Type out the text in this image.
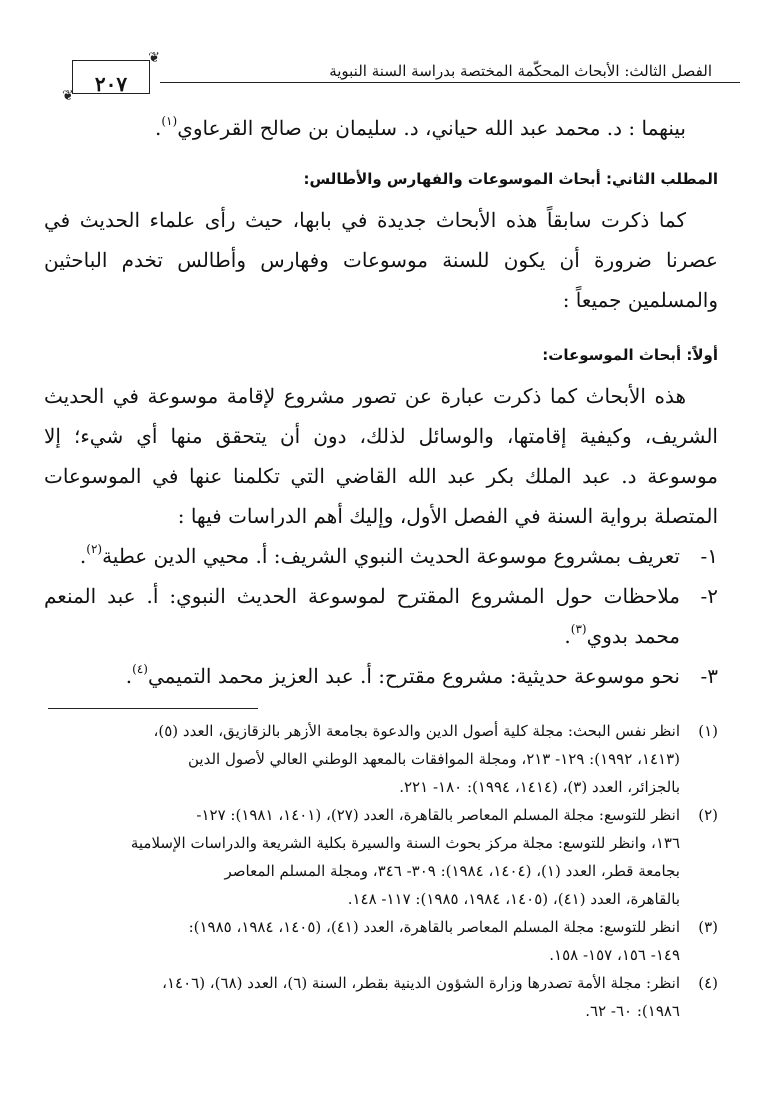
الفصل الثالث: الأبحاث المحكّمة المختصة بدراسة السنة النبوية
❦
❦	٢٠٧
بينهما : د. محمد عبد الله حياني، د. سليمان بن صالح القرعاوي$^{(١)}$.
المطلب الثاني: أبحاث الموسوعات والفهارس والأطالس:
كما ذكرت سابقاً هذه الأبحاث جديدة في بابها، حيث رأى علماء الحديث في
عصرنا ضرورة أن يكون للسنة موسوعات وفهارس وأطالس تخدم الباحثين
والمسلمين جميعاً :
أولاً: أبحاث الموسوعات:
هذه الأبحاث كما ذكرت عبارة عن تصور مشروع لإقامة موسوعة في الحديث
الشريف، وكيفية إقامتها، والوسائل لذلك، دون أن يتحقق منها أي شيء؛ إلا
موسوعة د. عبد الملك بكر عبد الله القاضي التي تكلمنا عنها في الموسوعات
المتصلة برواية السنة في الفصل الأول، وإليك أهم الدراسات فيها :
١-
تعريف بمشروع موسوعة الحديث النبوي الشريف: أ. محيي الدين عطية$^{(٢)}$.
٢-
ملاحظات حول المشروع المقترح لموسوعة الحديث النبوي: أ. عبد المنعم
محمد بدوي$^{(٣)}$.
٣-
نحو موسوعة حديثية: مشروع مقترح: أ. عبد العزيز محمد التميمي$^{(٤)}$.
(١)
انظر نفس البحث: مجلة كلية أصول الدين والدعوة بجامعة الأزهر بالزقازيق، العدد (٥)،
(١٤١٣، ١٩٩٢): ١٢٩- ٢١٣، ومجلة الموافقات بالمعهد الوطني العالي لأصول الدين
بالجزائر، العدد (٣)، (١٤١٤، ١٩٩٤): ١٨٠- ٢٢١.
(٢)
انظر للتوسع: مجلة المسلم المعاصر بالقاهرة، العدد (٢٧)، (١٤٠١، ١٩٨١): ١٢٧-
١٣٦، وانظر للتوسع: مجلة مركز بحوث السنة والسيرة بكلية الشريعة والدراسات الإسلامية
بجامعة قطر، العدد (١)، (١٤٠٤، ١٩٨٤): ٣٠٩- ٣٤٦، ومجلة المسلم المعاصر
بالقاهرة، العدد (٤١)، (١٤٠٥، ١٩٨٤، ١٩٨٥): ١١٧- ١٤٨.
(٣)
انظر للتوسع: مجلة المسلم المعاصر بالقاهرة، العدد (٤١)، (١٤٠٥، ١٩٨٤، ١٩٨٥):
١٤٩- ١٥٦، ١٥٧- ١٥٨.
(٤)
انظر: مجلة الأمة تصدرها وزارة الشؤون الدينية بقطر، السنة (٦)، العدد (٦٨)، (١٤٠٦،
١٩٨٦): ٦٠- ٦٢.
